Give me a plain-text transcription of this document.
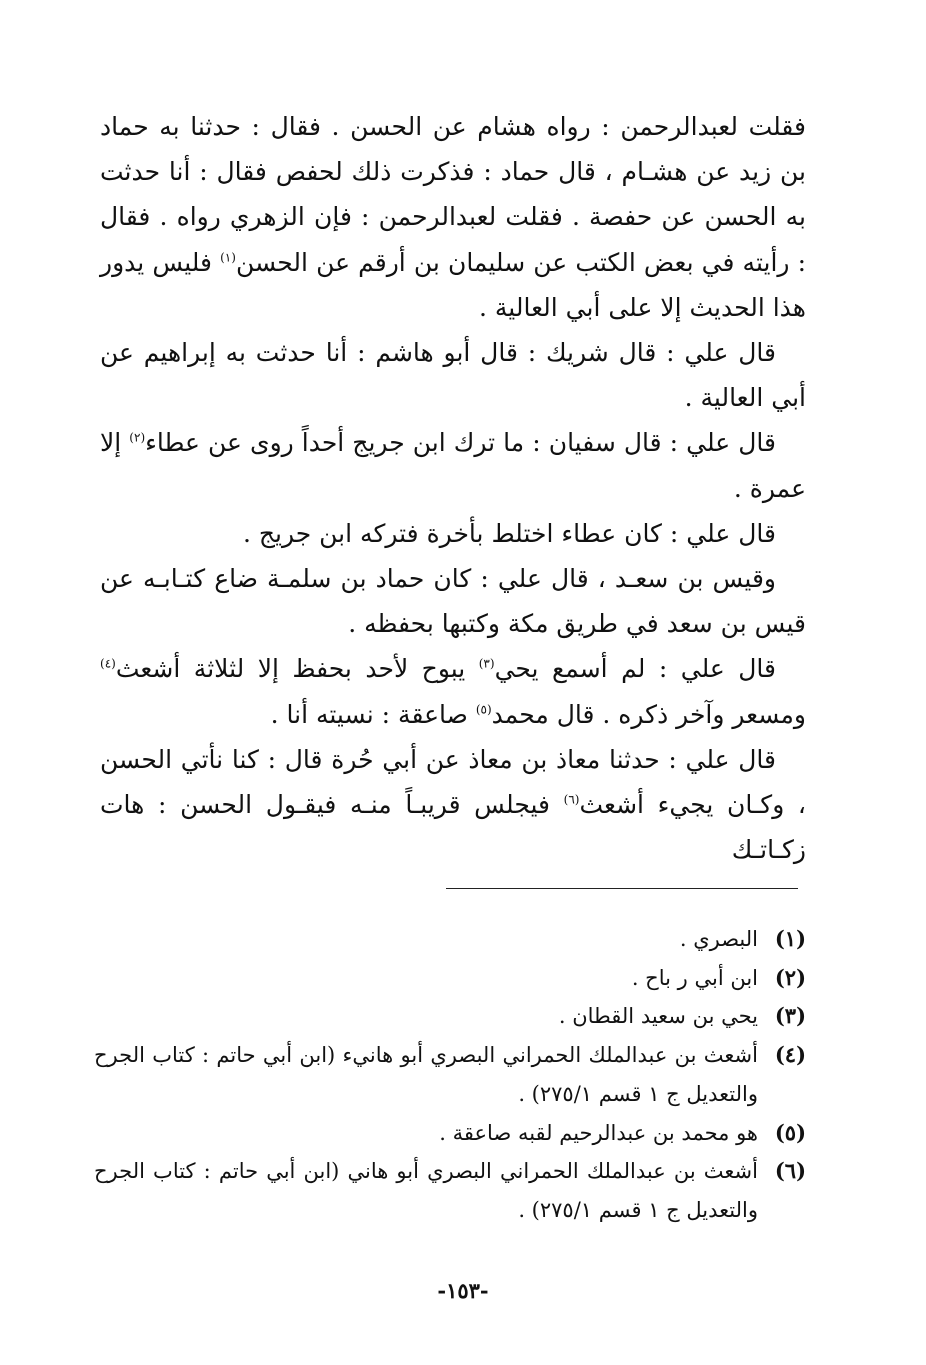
فقلت لعبدالرحمن : رواه هشام عن الحسن . فقال : حدثنا به حماد بن زيد عن هشـام ، قال حماد : فذكرت ذلك لحفص فقال : أنا حدثت به الحسن عن حفصة . فقلت لعبدالرحمن : فإن الزهري رواه . فقال : رأيته في بعض الكتب عن سليمان بن أرقم عن الحسن$^{(١)}$ فليس يدور هذا الحديث إلا على أبي العالية .

قال علي : قال شريك : قال أبو هاشم : أنا حدثت به إبراهيم عن أبي العالية .

قال علي : قال سفيان : ما ترك ابن جريج أحداً روى عن عطاء$^{(٢)}$ إلا عمرة .

قال علي : كان عطاء اختلط بأخرة فتركه ابن جريج .

وقيس بن سعـد ، قال علي : كان حماد بن سلمـة ضاع كتـابـه عن قيس بن سعد في طريق مكة وكتبها بحفظه .

قال علي : لم أسمع يحي$^{(٣)}$ يبوح لأحد بحفظ إلا لثلاثة أشعث$^{(٤)}$ ومسعر وآخر ذكره . قال محمد$^{(٥)}$ صاعقة : نسيته أنا .

قال علي : حدثنا معاذ بن معاذ عن أبي حُرة قال : كنا نأتي الحسن ، وكـان يجيء أشعث$^{(٦)}$ فيجلس قريبـاً منـه فيقـول الحسن : هات زكـاتـك

(١)
البصري .
(٢)
ابن أبي ر باح .
(٣)
يحي بن سعيد القطان .
(٤)
أشعث بن عبدالملك الحمراني البصري أبو هانيء (ابن أبي حاتم : كتاب الجرح والتعديل ج ١ قسم ٢٧٥/١) .
(٥)
هو محمد بن عبدالرحيم لقبه صاعقة .
(٦)
أشعث بن عبدالملك الحمراني البصري أبو هاني (ابن أبي حاتم : كتاب الجرح والتعديل ج ١ قسم ٢٧٥/١) .
-١٥٣-
